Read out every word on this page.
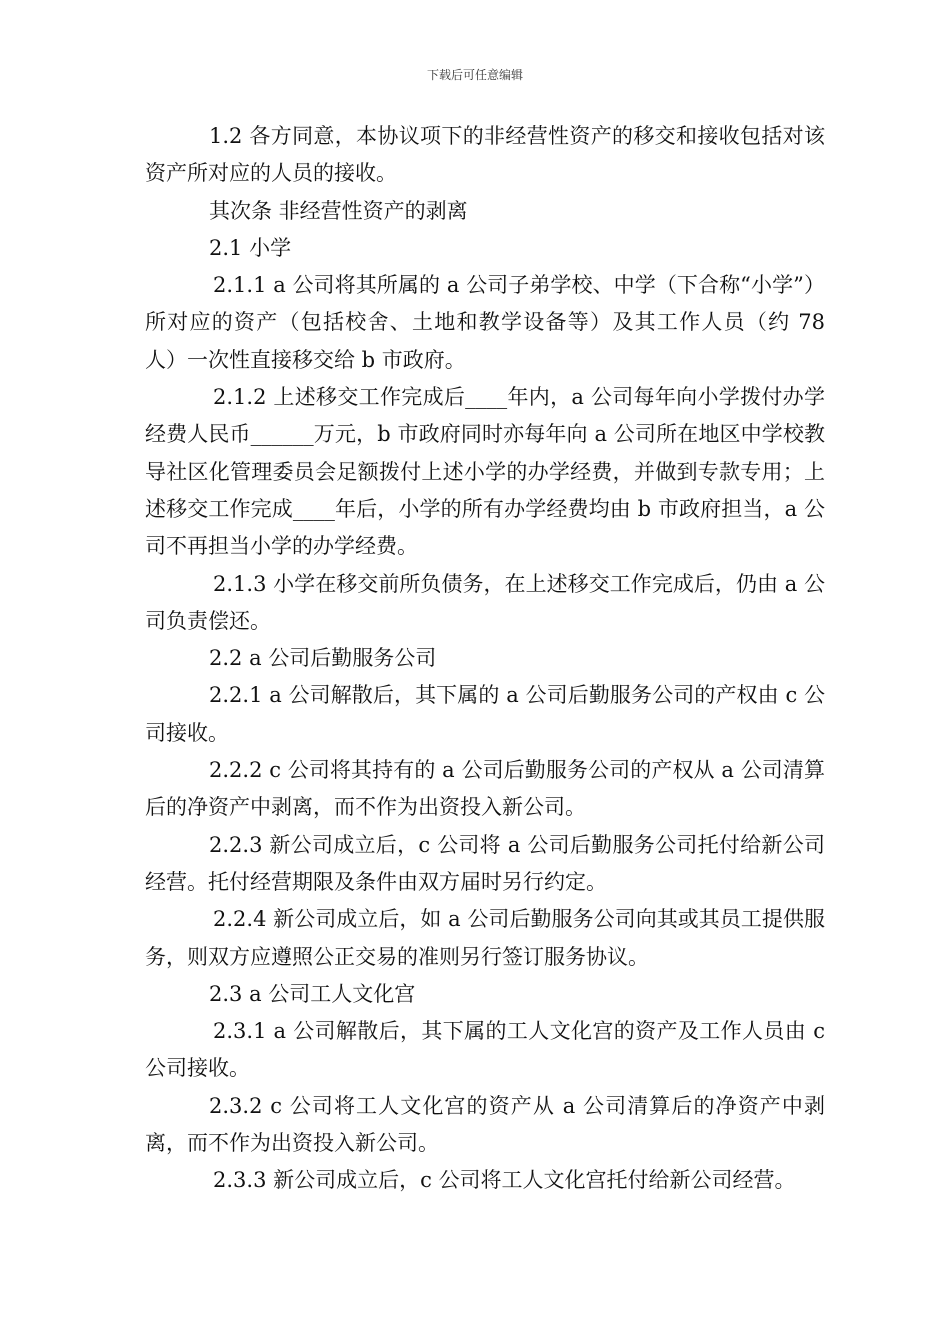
下载后可任意编辑

1.2 各方同意，本协议项下的非经营性资产的移交和接收包括对该资产所对应的人员的接收。

其次条 非经营性资产的剥离

2.1 小学

2.1.1 a 公司将其所属的 a 公司子弟学校、中学（下合称“小学”）所对应的资产（包括校舍、土地和教学设备等）及其工作人员（约 78 人）一次性直接移交给 b 市政府。

2.1.2 上述移交工作完成后____年内，a 公司每年向小学拨付办学经费人民币______万元，b 市政府同时亦每年向 a 公司所在地区中学校教导社区化管理委员会足额拨付上述小学的办学经费，并做到专款专用；上述移交工作完成____年后，小学的所有办学经费均由 b 市政府担当，a 公司不再担当小学的办学经费。

2.1.3 小学在移交前所负债务，在上述移交工作完成后，仍由 a 公司负责偿还。

2.2 a 公司后勤服务公司

2.2.1 a 公司解散后，其下属的 a 公司后勤服务公司的产权由 c 公司接收。

2.2.2 c 公司将其持有的 a 公司后勤服务公司的产权从 a 公司清算后的净资产中剥离，而不作为出资投入新公司。

2.2.3 新公司成立后，c 公司将 a 公司后勤服务公司托付给新公司经营。托付经营期限及条件由双方届时另行约定。

2.2.4 新公司成立后，如 a 公司后勤服务公司向其或其员工提供服务，则双方应遵照公正交易的准则另行签订服务协议。

2.3 a 公司工人文化宫

2.3.1 a 公司解散后，其下属的工人文化宫的资产及工作人员由 c 公司接收。

2.3.2 c 公司将工人文化宫的资产从 a 公司清算后的净资产中剥离，而不作为出资投入新公司。

2.3.3 新公司成立后，c 公司将工人文化宫托付给新公司经营。
